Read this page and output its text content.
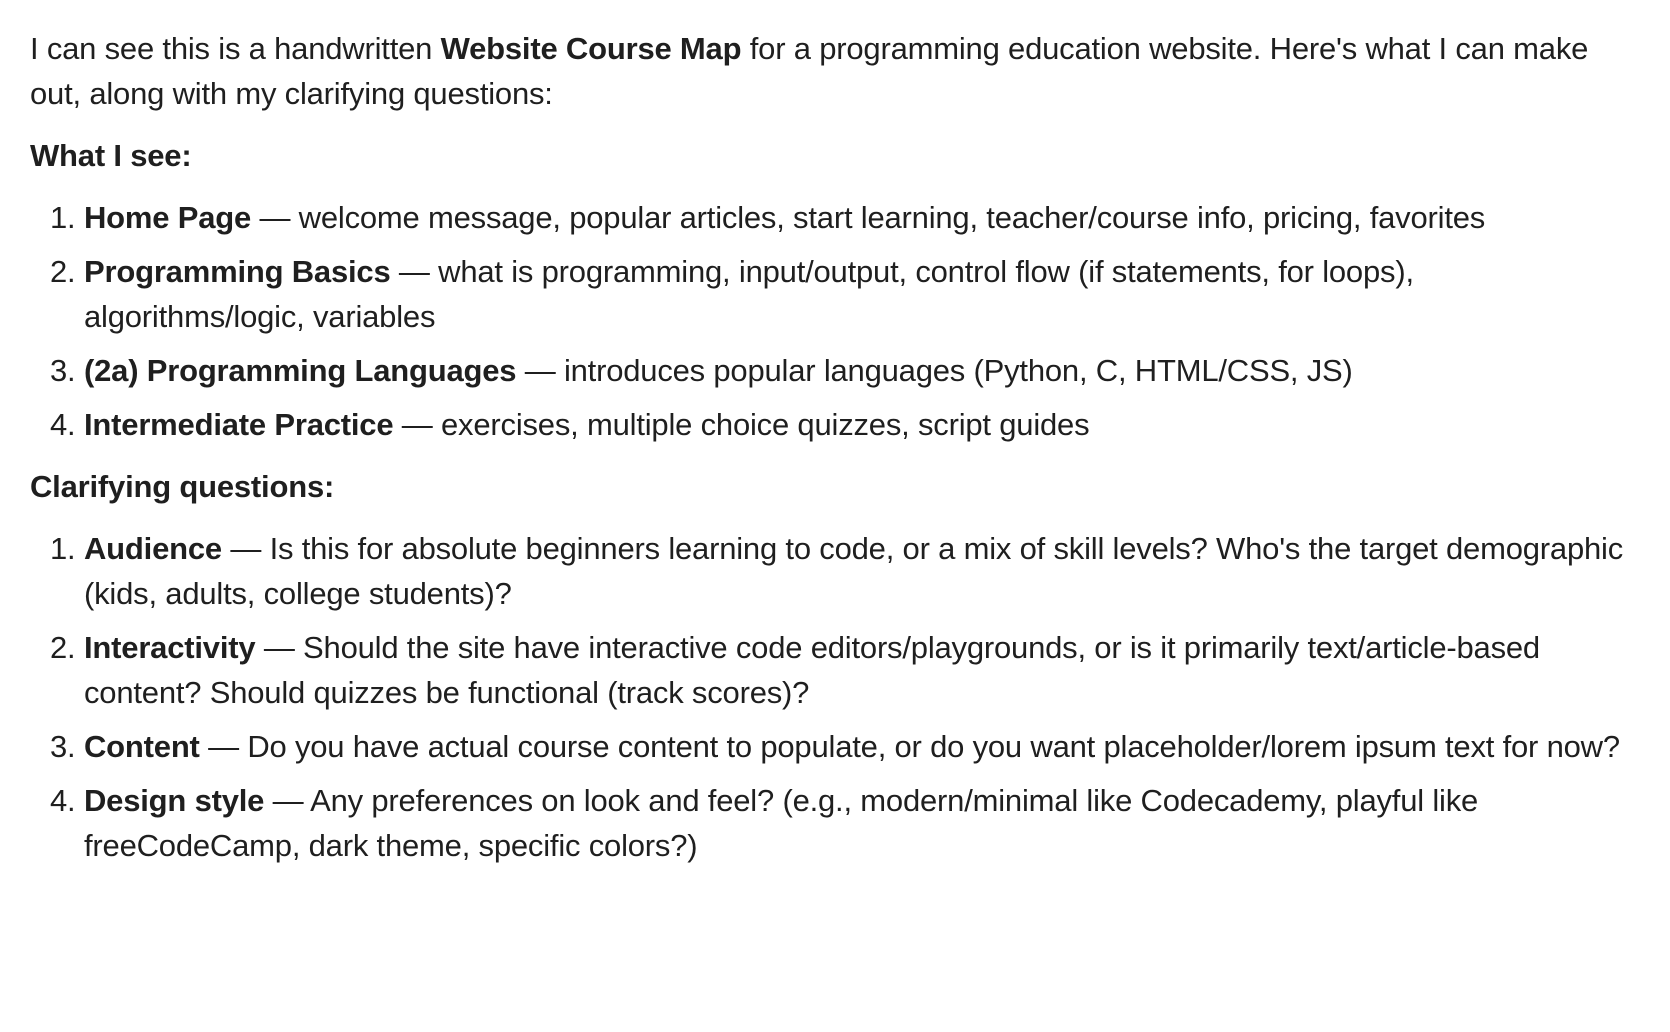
I can see this is a handwritten Website Course Map for a programming education website. Here's what I can make out, along with my clarifying questions:

What I see:
1. Home Page — welcome message, popular articles, start learning, teacher/course info, pricing, favorites
2. Programming Basics — what is programming, input/output, control flow (if statements, for loops), algorithms/logic, variables
3. (2a) Programming Languages — introduces popular languages (Python, C, HTML/CSS, JS)
4. Intermediate Practice — exercises, multiple choice quizzes, script guides
Clarifying questions:
1. Audience — Is this for absolute beginners learning to code, or a mix of skill levels? Who's the target demographic (kids, adults, college students)?
2. Interactivity — Should the site have interactive code editors/playgrounds, or is it primarily text/article-based content? Should quizzes be functional (track scores)?
3. Content — Do you have actual course content to populate, or do you want placeholder/lorem ipsum text for now?
4. Design style — Any preferences on look and feel? (e.g., modern/minimal like Codecademy, playful like freeCodeCamp, dark theme, specific colors?)
